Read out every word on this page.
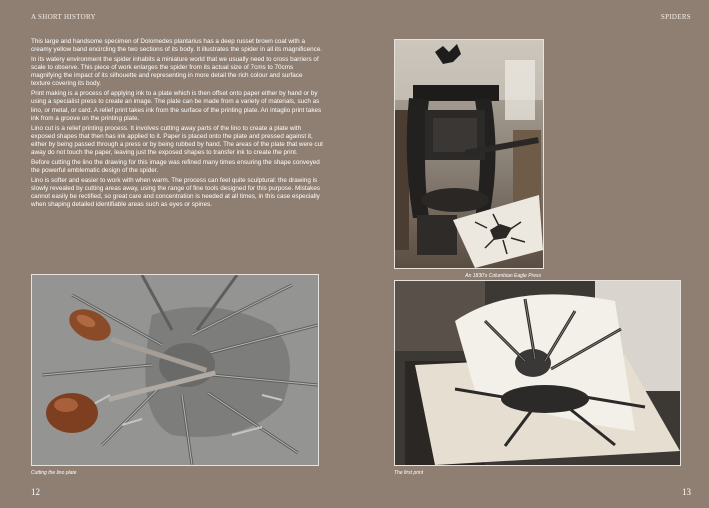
A SHORT HISTORY	SPIDERS

This large and handsome specimen of Dolomedes plantarius has a deep russet brown coat with a creamy yellow band encircling the two sections of its body. It illustrates the spider in all its magnificence.

In its watery environment the spider inhabits a miniature world that we usually need to cross barriers of scale to observe. This piece of work enlarges the spider from its actual size of 7cms to 70cms magnifying the impact of its silhouette and representing in more detail the rich colour and surface texture covering its body.

Print making is a process of applying ink to a plate which is then offset onto paper either by hand or by using a specialist press to create an image. The plate can be made from a variety of materials, such as lino, or metal, or card. A relief print takes ink from the surface of the printing plate. An intaglio print takes ink from a groove on the printing plate.

Lino cut is a relief printing process. It involves cutting away parts of the lino to create a plate with exposed shapes that then has ink applied to it. Paper is placed onto the plate and pressed against it, either by being passed through a press or by being rubbed by hand. The areas of the plate that were cut away do not touch the paper, leaving just the exposed shapes to transfer ink to create the print.

Before cutting the lino the drawing for this image was refined many times ensuring the shape conveyed the powerful emblematic design of the spider.

Lino is softer and easier to work with when warm. The process can feel quite sculptural: the drawing is slowly revealed by cutting areas away, using the range of fine tools designed for this purpose. Mistakes cannot easily be rectified, so great care and concentration is needed at all times, in this case especially when shaping detailed identifiable areas such as eyes or spines.

An 1830's Columbian Eagle Press
Cutting the lino plate	The first print
12	13
